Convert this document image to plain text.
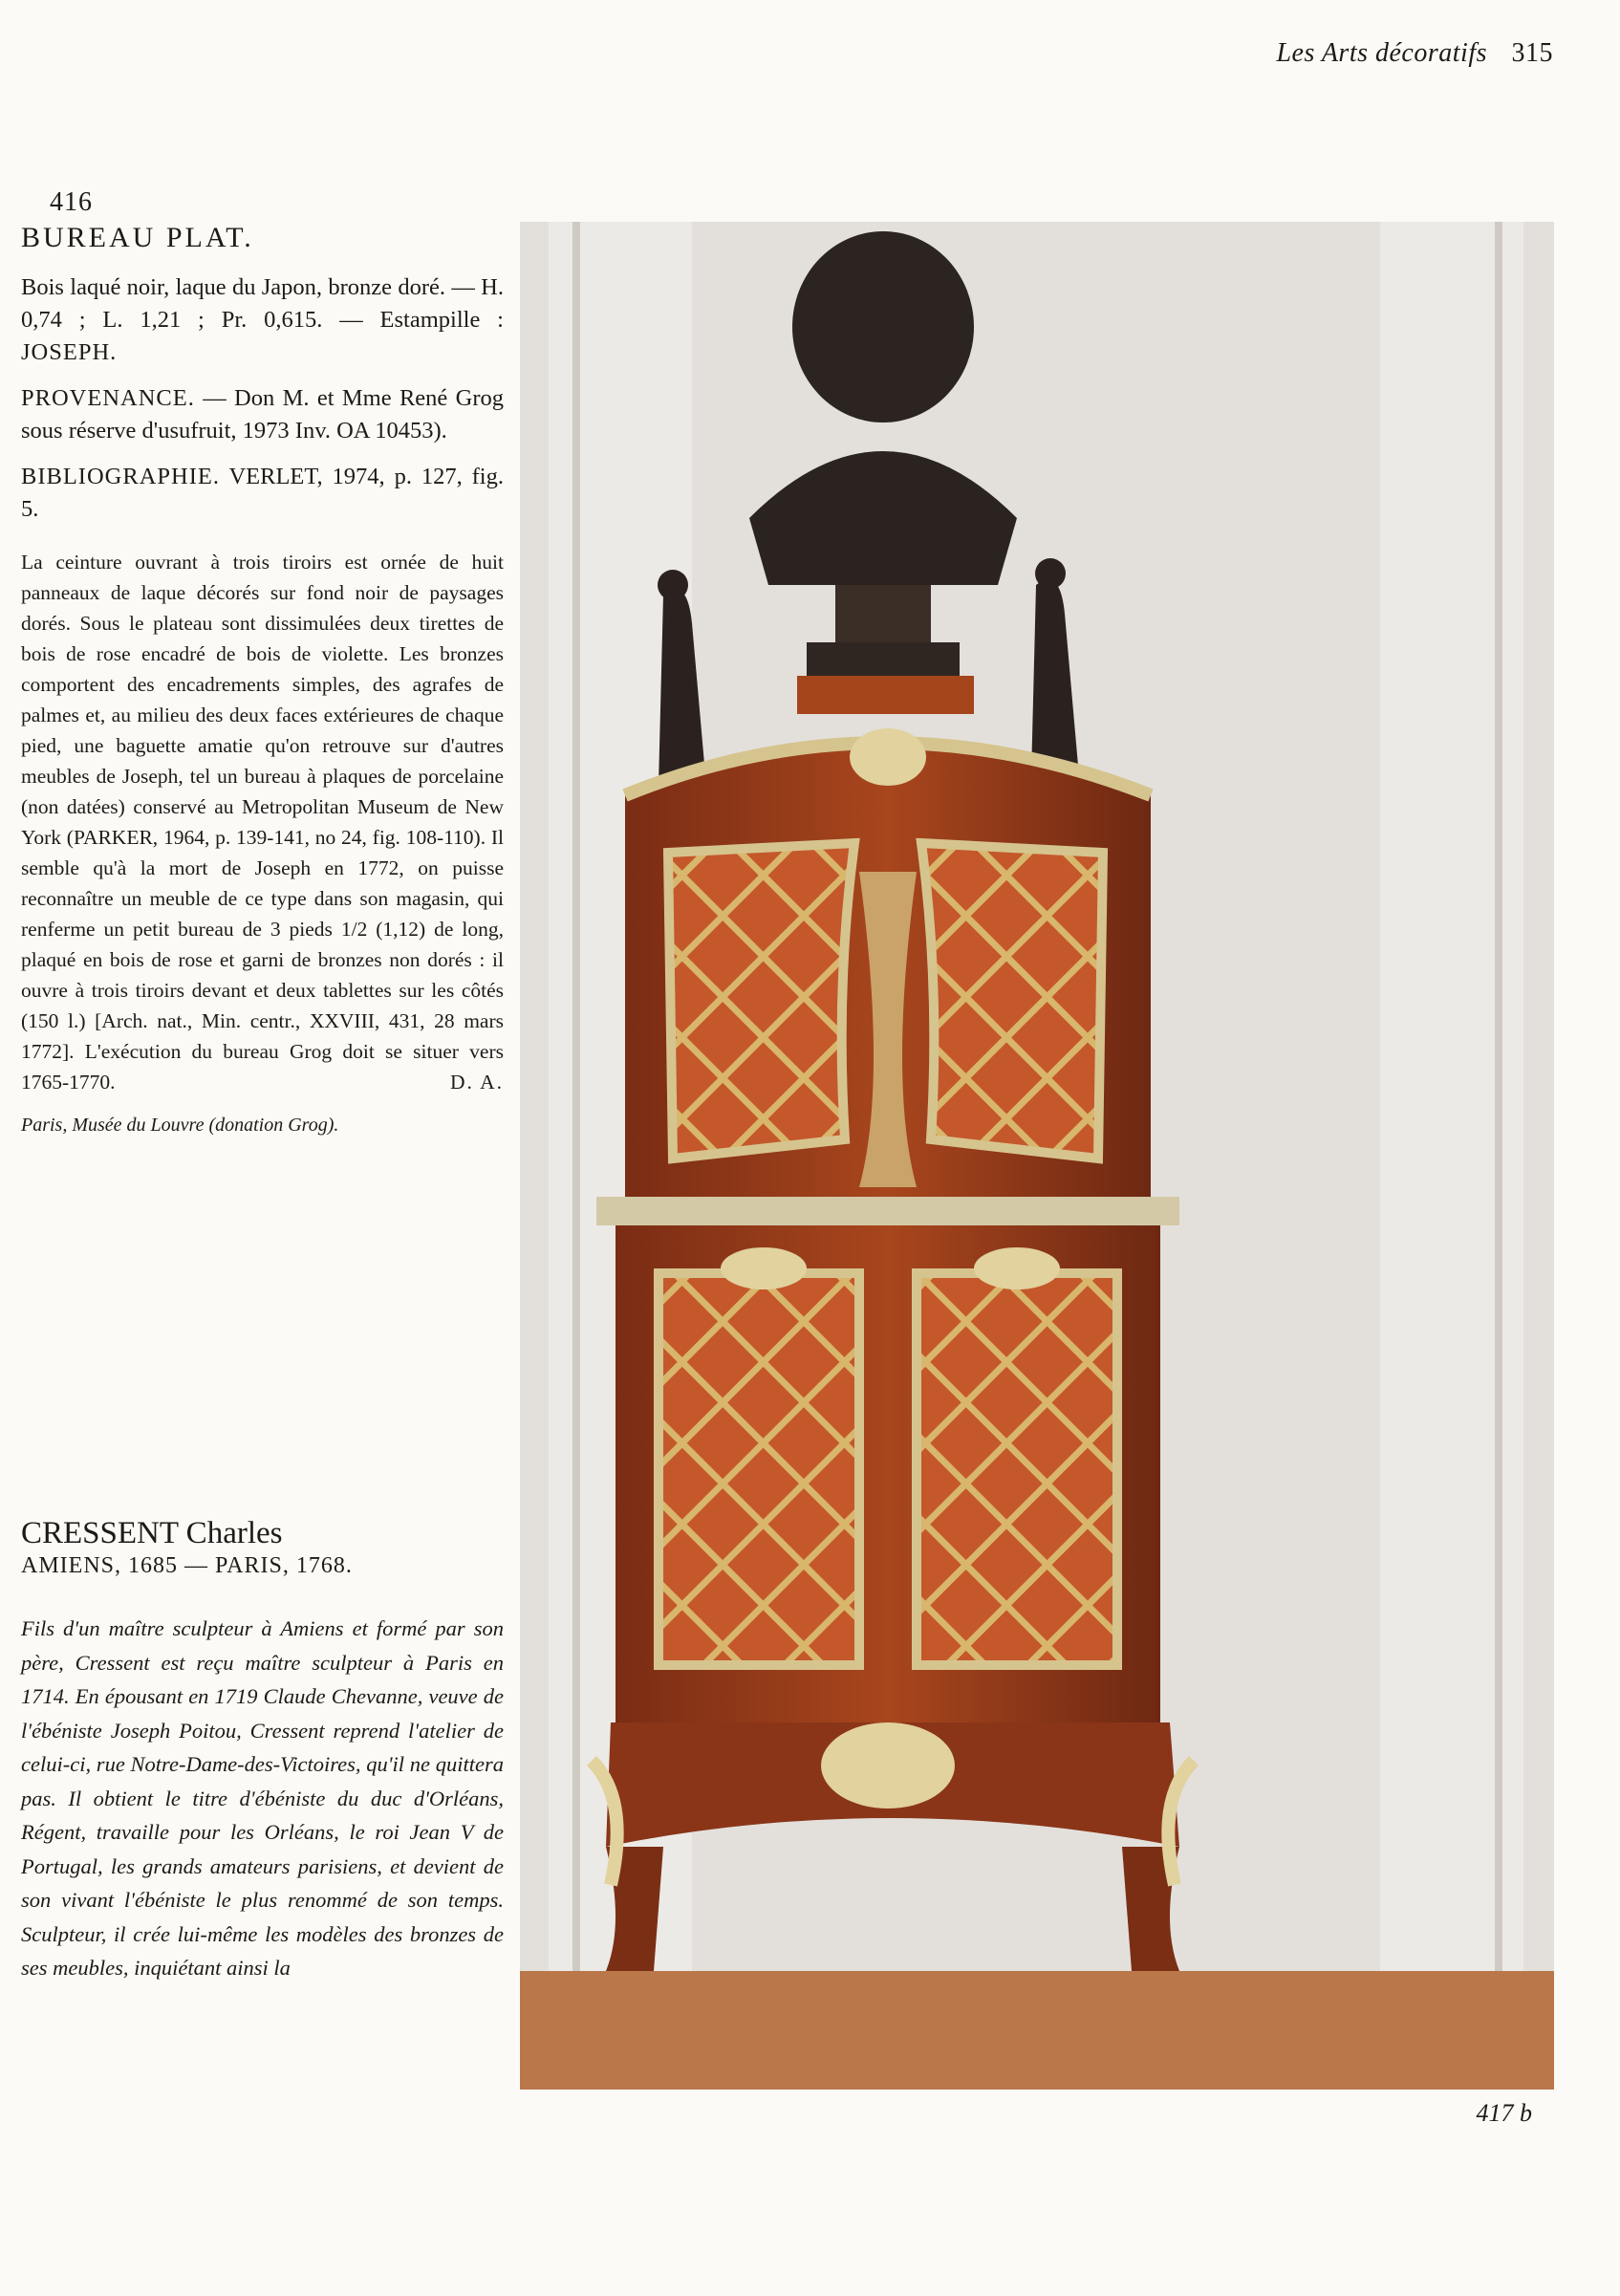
Les Arts décoratifs 315
416
BUREAU PLAT.

Bois laqué noir, laque du Japon, bronze doré. — H. 0,74 ; L. 1,21 ; Pr. 0,615. — Estampille : JOSEPH.

PROVENANCE. — Don M. et Mme René Grog sous réserve d'usufruit, 1973 Inv. OA 10453).

BIBLIOGRAPHIE. VERLET, 1974, p. 127, fig. 5.

La ceinture ouvrant à trois tiroirs est ornée de huit panneaux de laque décorés sur fond noir de paysages dorés. Sous le plateau sont dissimulées deux tirettes de bois de rose encadré de bois de violette. Les bronzes comportent des encadrements simples, des agrafes de palmes et, au milieu des deux faces extérieures de chaque pied, une baguette amatie qu'on retrouve sur d'autres meubles de Joseph, tel un bureau à plaques de porcelaine (non datées) conservé au Metropolitan Museum de New York (PARKER, 1964, p. 139-141, no 24, fig. 108-110). Il semble qu'à la mort de Joseph en 1772, on puisse reconnaître un meuble de ce type dans son magasin, qui renferme un petit bureau de 3 pieds 1/2 (1,12) de long, plaqué en bois de rose et garni de bronzes non dorés : il ouvre à trois tiroirs devant et deux tablettes sur les côtés (150 l.) [Arch. nat., Min. centr., XXVIII, 431, 28 mars 1772]. L'exécution du bureau Grog doit se situer vers 1765-1770.	D. A.
Paris, Musée du Louvre (donation Grog).
CRESSENT Charles
AMIENS, 1685 — PARIS, 1768.
Fils d'un maître sculpteur à Amiens et formé par son père, Cressent est reçu maître sculpteur à Paris en 1714. En épousant en 1719 Claude Chevanne, veuve de l'ébéniste Joseph Poitou, Cressent reprend l'atelier de celui-ci, rue Notre-Dame-des-Victoires, qu'il ne quittera pas. Il obtient le titre d'ébéniste du duc d'Orléans, Régent, travaille pour les Orléans, le roi Jean V de Portugal, les grands amateurs parisiens, et devient de son vivant l'ébéniste le plus renommé de son temps. Sculpteur, il crée lui-même les modèles des bronzes de ses meubles, inquiétant ainsi la
417 b
